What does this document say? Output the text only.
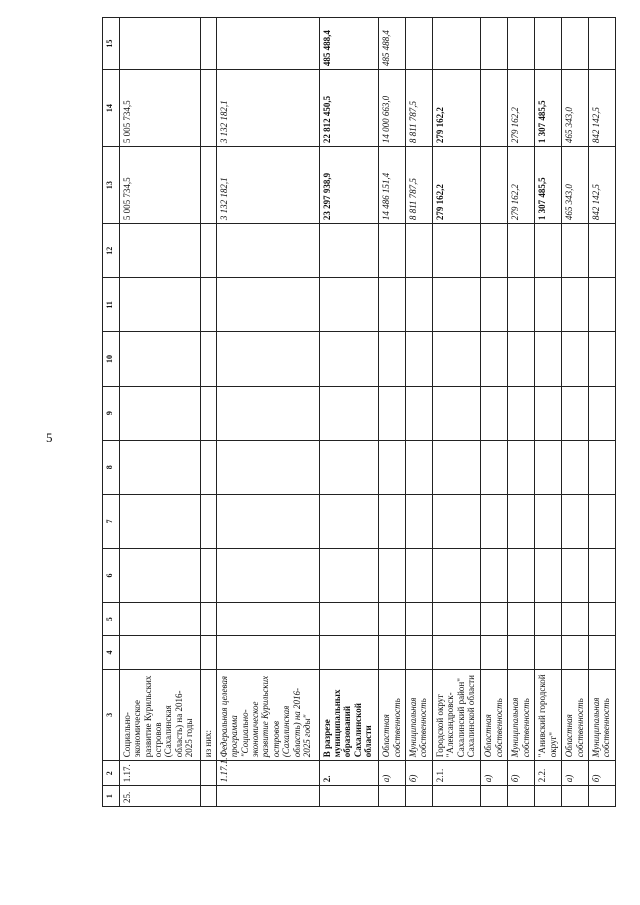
5
1	2	3	4	5	6	7	8	9	10	11	12	13	14	15
25.	1.17.	Социально-экономическое развитие Курильских островов (Сахалинская область) на 2016-2025 годы										5 005 734,5	5 005 734,5	
		из них:												
	1.17.1.	Федеральная целевая программа "Социально-экономическое развитие Курильских островов (Сахалинская область) на 2016-2025 годы"										3 132 182,1	3 132 182,1	
	2.	В разрезе муниципальных образований Сахалинской области										23 297 938,9	22 812 450,5	485 488,4
	а)	Областная собственность										14 486 151,4	14 000 663,0	485 488,4
	б)	Муниципальная собственность										8 811 787,5	8 811 787,5	
	2.1.	Городской округ "Александровск-Сахалинский район" Сахалинской области										279 162,2	279 162,2	
	а)	Областная собственность												
	б)	Муниципальная собственность										279 162,2	279 162,2	
	2.2.	"Анивский городской округ"										1 307 485,5	1 307 485,5	
	а)	Областная собственность										465 343,0	465 343,0	
	б)	Муниципальная собственность										842 142,5	842 142,5	
